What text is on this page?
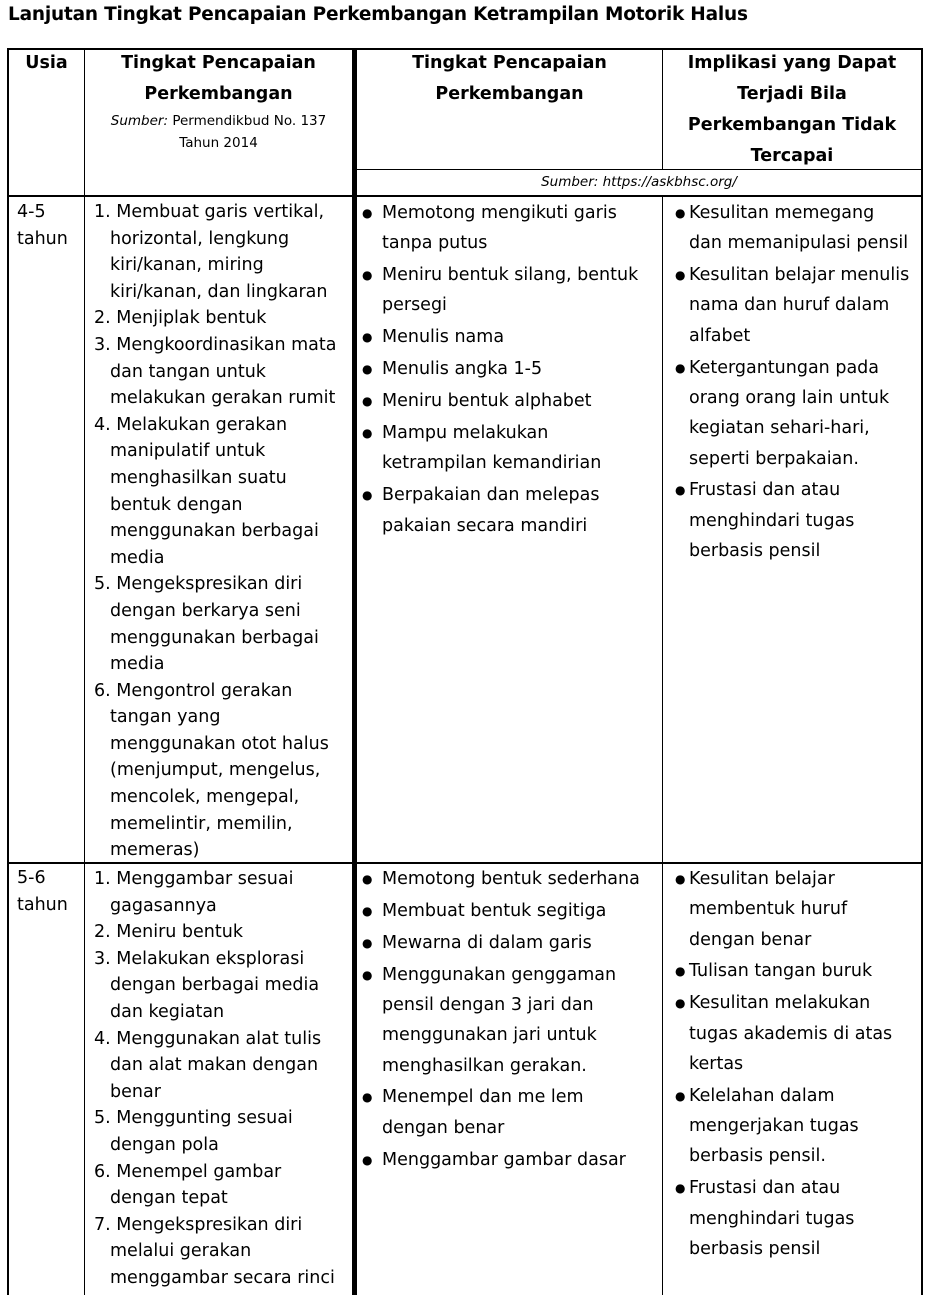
Lanjutan Tingkat Pencapaian Perkembangan Ketrampilan Motorik Halus
Usia	Tingkat Pencapaian
Perkembangan
Sumber: Permendikbud No. 137
Tahun 2014
Tingkat Pencapaian
Perkembangan
Implikasi yang Dapat
Terjadi Bila
Perkembangan Tidak
Tercapai
Sumber: https://askbhsc.org/
4-5
tahun
1. Membuat garis vertikal,
horizontal, lengkung
kiri/kanan, miring
kiri/kanan, dan lingkaran
2. Menjiplak bentuk
3. Mengkoordinasikan mata
dan tangan untuk
melakukan gerakan rumit
4. Melakukan gerakan
manipulatif untuk
menghasilkan suatu
bentuk dengan
menggunakan berbagai
media
5. Mengekspresikan diri
dengan berkarya seni
menggunakan berbagai
media
6. Mengontrol gerakan
tangan yang
menggunakan otot halus
(menjumput, mengelus,
mencolek, mengepal,
memelintir, memilin,
memeras)
● Memotong mengikuti garis
tanpa putus
● Meniru bentuk silang, bentuk
persegi
● Menulis nama
● Menulis angka 1-5
● Meniru bentuk alphabet
● Mampu melakukan
ketrampilan kemandirian
● Berpakaian dan melepas
pakaian secara mandiri
● Kesulitan memegang
dan memanipulasi pensil
● Kesulitan belajar menulis
nama dan huruf dalam
alfabet
● Ketergantungan pada
orang orang lain untuk
kegiatan sehari-hari,
seperti berpakaian.
● Frustasi dan atau
menghindari tugas
berbasis pensil
5-6
tahun
1. Menggambar sesuai
gagasannya
2. Meniru bentuk
3. Melakukan eksplorasi
dengan berbagai media
dan kegiatan
4. Menggunakan alat tulis
dan alat makan dengan
benar
5. Menggunting sesuai
dengan pola
6. Menempel gambar
dengan tepat
7. Mengekspresikan diri
melalui gerakan
menggambar secara rinci
● Memotong bentuk sederhana
● Membuat bentuk segitiga
● Mewarna di dalam garis
● Menggunakan genggaman
pensil dengan 3 jari dan
menggunakan jari untuk
menghasilkan gerakan.
● Menempel dan me lem
dengan benar
● Menggambar gambar dasar
● Kesulitan belajar
membentuk huruf
dengan benar
● Tulisan tangan buruk
● Kesulitan melakukan
tugas akademis di atas
kertas
● Kelelahan dalam
mengerjakan tugas
berbasis pensil.
● Frustasi dan atau
menghindari tugas
berbasis pensil
